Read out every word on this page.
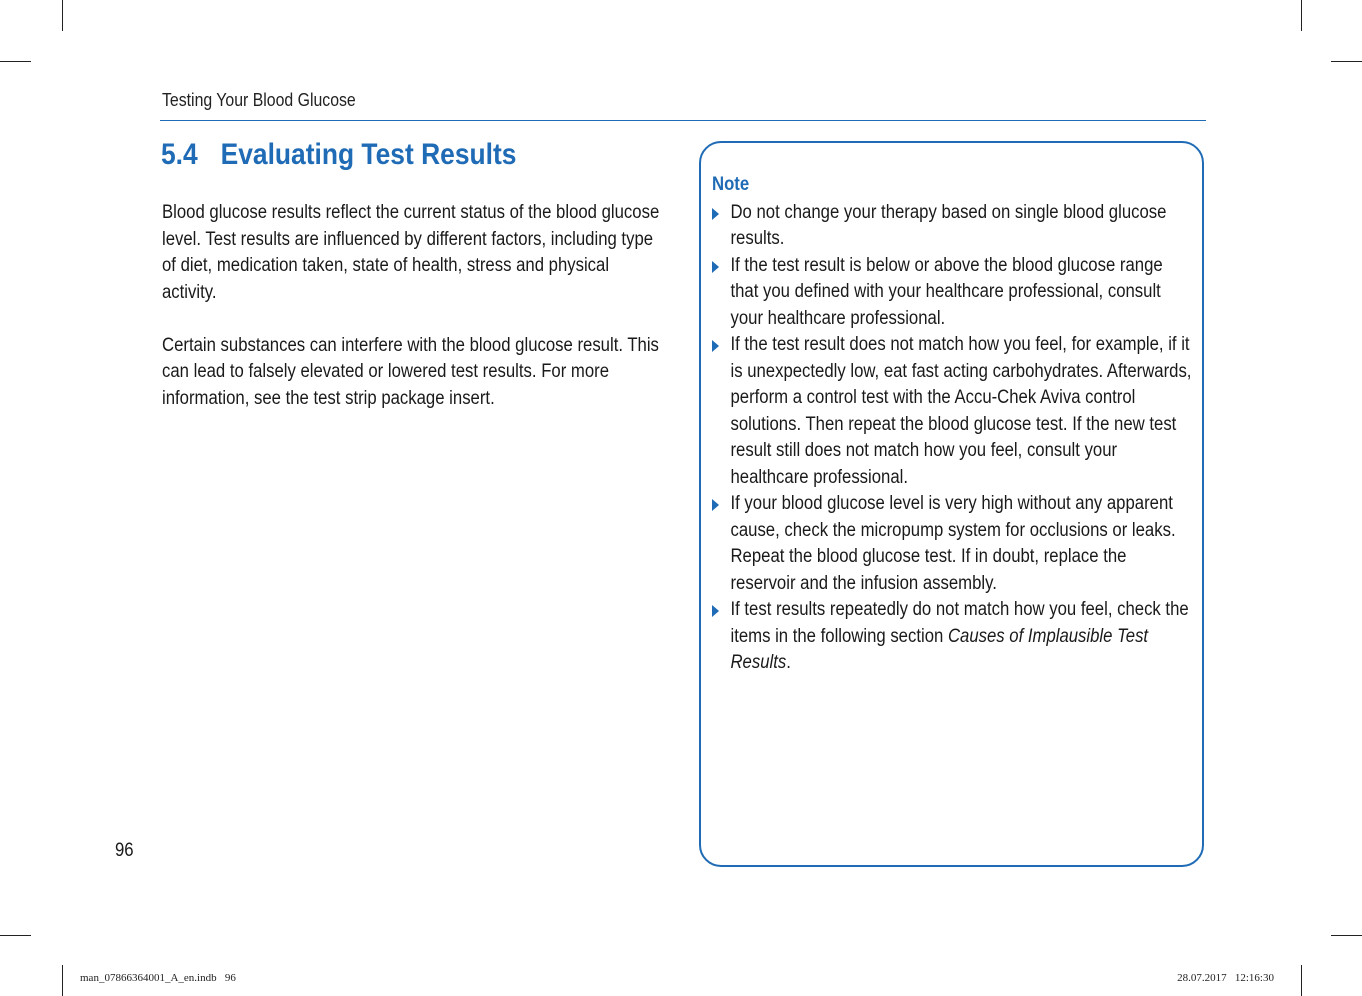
Testing Your Blood Glucose
5.4 Evaluating Test Results

Blood glucose results reflect the current status of the blood glucose level. Test results are influenced by different factors, including type of diet, medication taken, state of health, stress and physical activity.

Certain substances can interfere with the blood glucose result. This can lead to falsely elevated or lowered test results. For more information, see the test strip package insert.

Note

Do not change your therapy based on single blood glucose results.

If the test result is below or above the blood glucose range that you defined with your healthcare professional, consult your healthcare professional.

If the test result does not match how you feel, for example, if it is unexpectedly low, eat fast acting carbohydrates. Afterwards, perform a control test with the Accu-Chek Aviva control solutions. Then repeat the blood glucose test. If the new test result still does not match how you feel, consult your healthcare professional.

If your blood glucose level is very high without any apparent cause, check the micropump system for occlusions or leaks. Repeat the blood glucose test. If in doubt, replace the reservoir and the infusion assembly.

If test results repeatedly do not match how you feel, check the items in the following section Causes of Implausible Test Results.

96
man_07866364001_A_en.indb   96	28.07.2017   12:16:30
